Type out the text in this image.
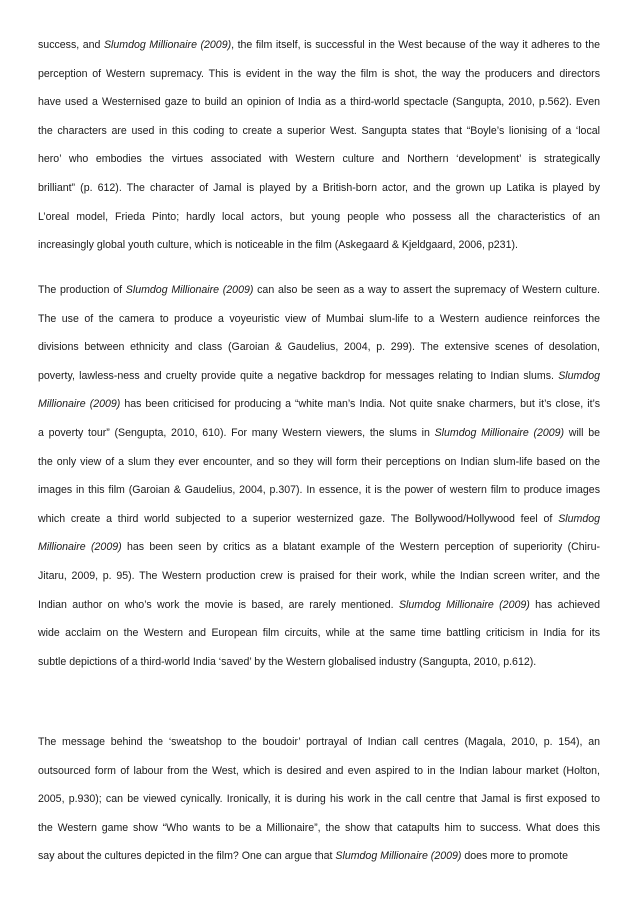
success, and Slumdog Millionaire (2009), the film itself, is successful in the West because of the way it adheres to the
perception of Western supremacy. This is evident in the way the film is shot, the way the producers and directors
have used a Westernised gaze to build an opinion of India as a third-world spectacle (Sangupta, 2010, p.562). Even
the characters are used in this coding to create a superior West. Sangupta states that “Boyle’s lionising of a ‘local
hero’ who embodies the virtues associated with Western culture and Northern ‘development’ is strategically
brilliant” (p. 612). The character of Jamal is played by a British-born actor, and the grown up Latika is played by
L’oreal model, Frieda Pinto; hardly local actors, but young people who possess all the characteristics of an
increasingly global youth culture, which is noticeable in the film (Askegaard & Kjeldgaard, 2006, p231).
The production of Slumdog Millionaire (2009) can also be seen as a way to assert the supremacy of Western culture.
The use of the camera to produce a voyeuristic view of Mumbai slum-life to a Western audience reinforces the
divisions between ethnicity and class (Garoian & Gaudelius, 2004, p. 299). The extensive scenes of desolation,
poverty, lawless-ness and cruelty provide quite a negative backdrop for messages relating to Indian slums. Slumdog
Millionaire (2009) has been criticised for producing a “white man’s India. Not quite snake charmers, but it’s close, it’s
a poverty tour” (Sengupta, 2010, 610). For many Western viewers, the slums in Slumdog Millionaire (2009) will be
the only view of a slum they ever encounter, and so they will form their perceptions on Indian slum-life based on the
images in this film (Garoian & Gaudelius, 2004, p.307). In essence, it is the power of western film to produce images
which create a third world subjected to a superior westernized gaze. The Bollywood/Hollywood feel of Slumdog
Millionaire (2009) has been seen by critics as a blatant example of the Western perception of superiority (Chiru-
Jitaru, 2009, p. 95). The Western production crew is praised for their work, while the Indian screen writer, and the
Indian author on who’s work the movie is based, are rarely mentioned. Slumdog Millionaire (2009) has achieved
wide acclaim on the Western and European film circuits, while at the same time battling criticism in India for its
subtle depictions of a third-world India ‘saved’ by the Western globalised industry (Sangupta, 2010, p.612).
The message behind the ‘sweatshop to the boudoir’ portrayal of Indian call centres (Magala, 2010, p. 154), an
outsourced form of labour from the West, which is desired and even aspired to in the Indian labour market (Holton,
2005, p.930); can be viewed cynically. Ironically, it is during his work in the call centre that Jamal is first exposed to
the Western game show “Who wants to be a Millionaire”, the show that catapults him to success. What does this
say about the cultures depicted in the film? One can argue that Slumdog Millionaire (2009) does more to promote
